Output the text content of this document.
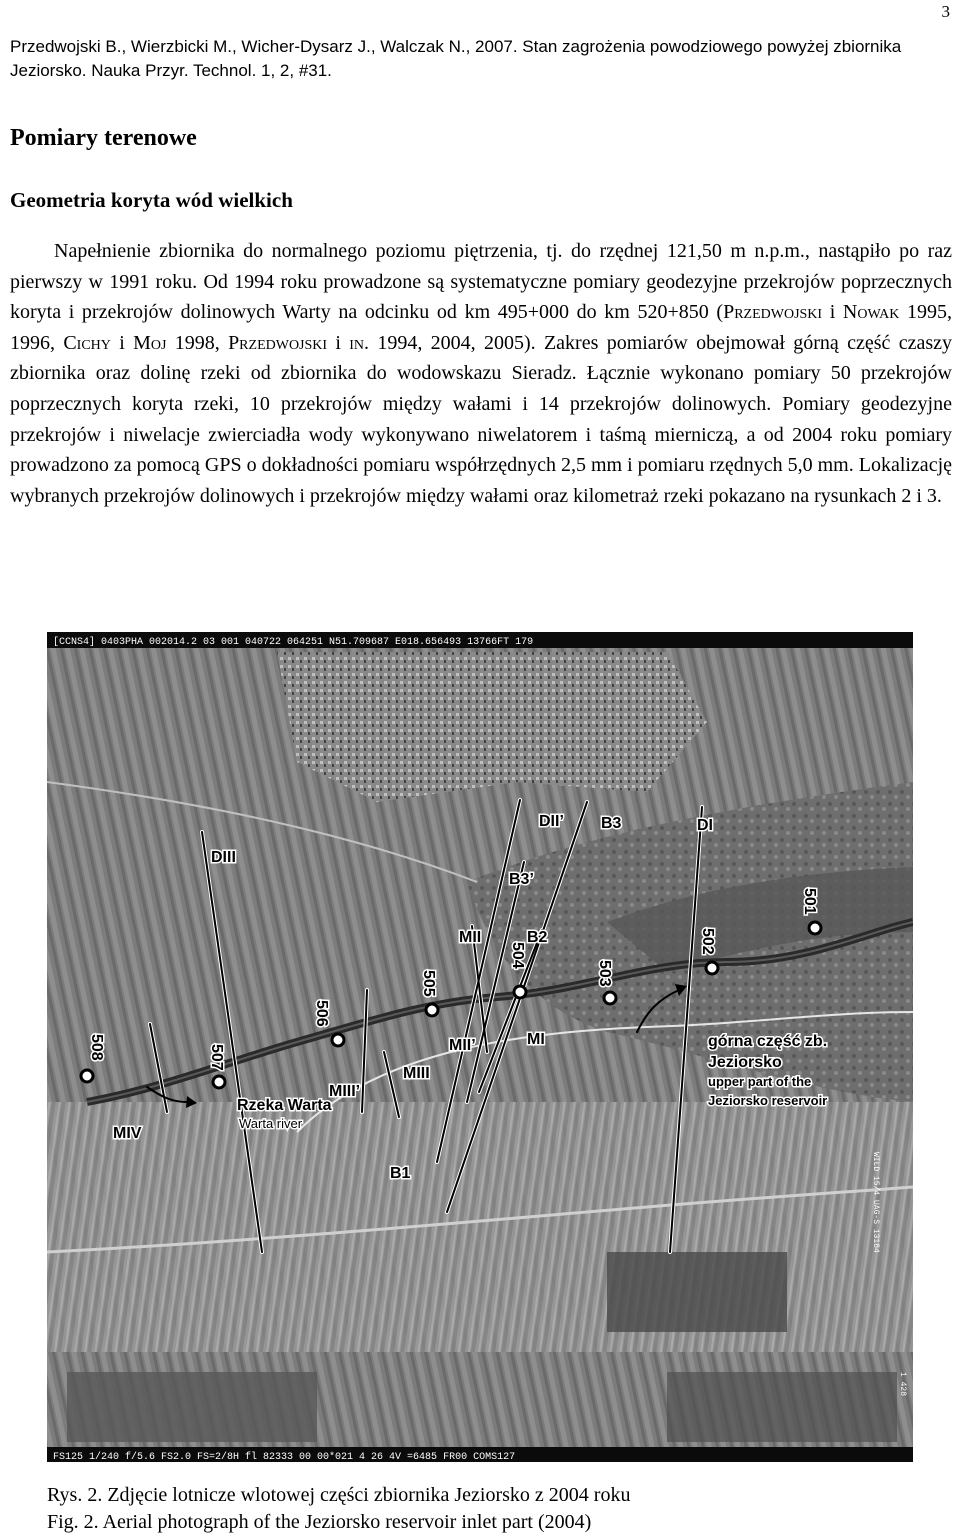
3
Przedwojski B., Wierzbicki M., Wicher-Dysarz J., Walczak N., 2007. Stan zagrożenia powodziowego powyżej zbiornika Jeziorsko. Nauka Przyr. Technol. 1, 2, #31.
Pomiary terenowe
Geometria koryta wód wielkich

Napełnienie zbiornika do normalnego poziomu piętrzenia, tj. do rzędnej 121,50 m n.p.m., nastąpiło po raz pierwszy w 1991 roku. Od 1994 roku prowadzone są systematyczne pomiary geodezyjne przekrojów poprzecznych koryta i przekrojów dolinowych Warty na odcinku od km 495+000 do km 520+850 (Przedwojski i Nowak 1995, 1996, Cichy i Moj 1998, Przedwojski i in. 1994, 2004, 2005). Zakres pomiarów obejmował górną część czaszy zbiornika oraz dolinę rzeki od zbiornika do wodowskazu Sieradz. Łącznie wykonano pomiary 50 przekrojów poprzecznych koryta rzeki, 10 przekrojów między wałami i 14 przekrojów dolinowych. Pomiary geodezyjne przekrojów i niwelacje zwierciadła wody wykonywano niwelatorem i taśmą mierniczą, a od 2004 roku pomiary prowadzono za pomocą GPS o dokładności pomiaru współrzędnych 2,5 mm i pomiaru rzędnych 5,0 mm. Lokalizację wybranych przekrojów dolinowych i przekrojów między wałami oraz kilometraż rzeki pokazano na rysunkach 2 i 3.

[CCNS4] 0403PHA 002014.2 03 001 040722 064251 N51.709687 E018.656493 13766FT 179
FS125 1/240 f/5.6 FS2.0 FS=2/8H fl 82333 00 00*021 4 26 4V =6485 FR00 COMS127
WILD 15/4 UAG-S 13184
1 428
DII’ B3	DI
DIII
B3’
MII	B2
MII’	MI
MIII
MIII’
MIV
B1
501
502
503
504
505
506
507
508
Rzeka Warta
górna część zb.
Jeziorsko
Warta river
upper part of the
Jeziorsko reservoir
Rys. 2. Zdjęcie lotnicze wlotowej części zbiornika Jeziorsko z 2004 roku
Fig. 2. Aerial photograph of the Jeziorsko reservoir inlet part (2004)
